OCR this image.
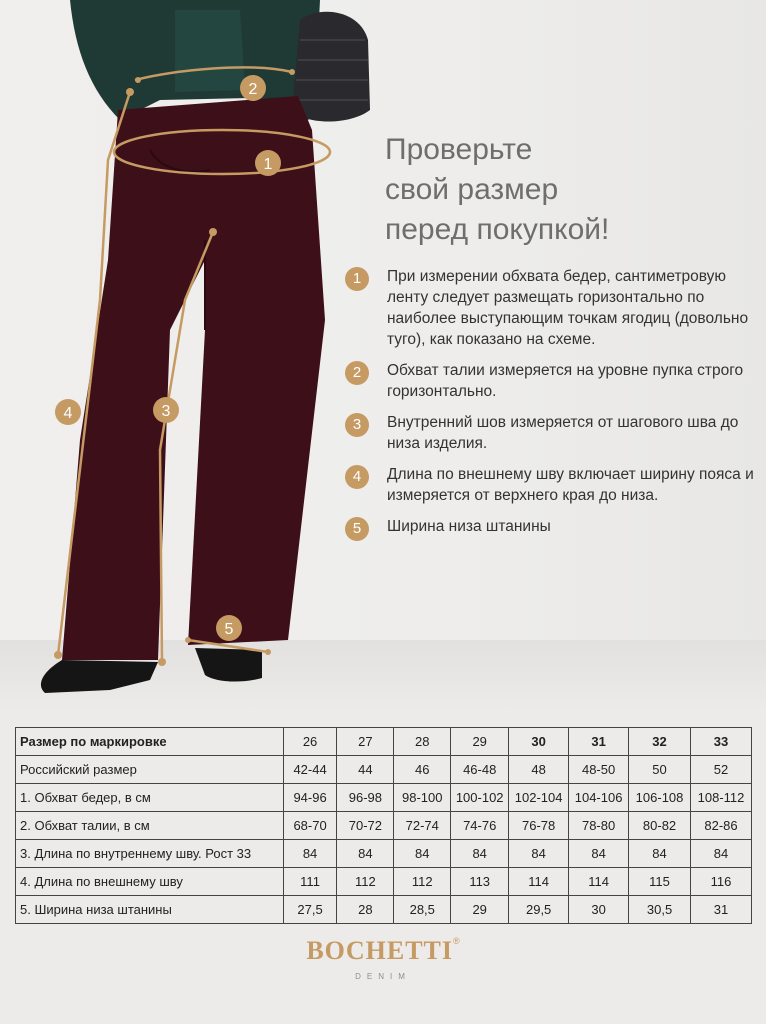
1
2
3
4
5
Проверьте
свой размер
перед покупкой!
1	При измерении обхвата бедер, сантиметровую ленту следует размещать горизонтально по наиболее выступающим точкам ягодиц (довольно туго), как показано на схеме.
2	Обхват талии измеряется на уровне пупка строго горизонтально.
3	Внутренний шов измеряется от шагового шва до низа изделия.
4	Длина по внешнему шву включает ширину пояса и измеряется от верхнего края до низа.
5	Ширина низа штанины
Размер по маркировке	26	27	28	29	30	31	32	33
Российский размер	42-44	44	46	46-48	48	48-50	50	52
1. Обхват бедер, в см	94-96	96-98	98-100	100-102	102-104	104-106	106-108	108-112
2. Обхват талии, в см	68-70	70-72	72-74	74-76	76-78	78-80	80-82	82-86
3. Длина по внутреннему шву. Рост 33	84	84	84	84	84	84	84	84
4. Длина по внешнему шву	111	112	112	113	114	114	115	116
5. Ширина низа штанины	27,5	28	28,5	29	29,5	30	30,5	31
BOCHETTI®
DENIM
